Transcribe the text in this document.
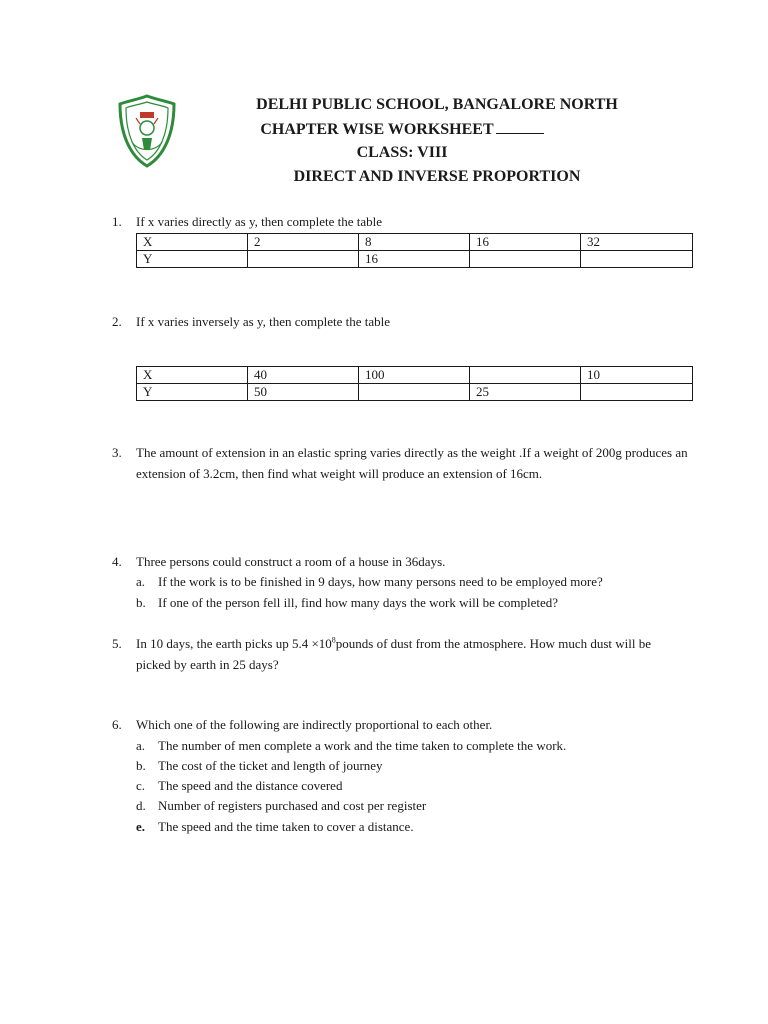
DELHI PUBLIC SCHOOL, BANGALORE NORTH
CHAPTER WISE WORKSHEET
CLASS: VIII
DIRECT AND INVERSE PROPORTION
1. If x varies directly as y, then complete the table
X	2	8	16	32
Y		16		
2. If x varies inversely as y, then complete the table
X	40	100		10
Y	50		25	
3. The amount of extension in an elastic spring varies directly as the weight .If a weight of 200g produces an extension of 3.2cm, then find what weight will produce an extension of 16cm.
4. Three persons could construct a room of a house in 36days.
a. If the work is to be finished in 9 days, how many persons need to be employed more?
b. If one of the person fell ill, find how many days the work will be completed?
5. In 10 days, the earth picks up $5.4 \times 10^8pounds$ of dust from the atmosphere. How much dust will be picked by earth in 25 days?
6. Which one of the following are indirectly proportional to each other.
a. The number of men complete a work and the time taken to complete the work.
b. The cost of the ticket and length of journey
c. The speed and the distance covered
d. Number of registers purchased and cost per register
e. The speed and the time taken to cover a distance.
